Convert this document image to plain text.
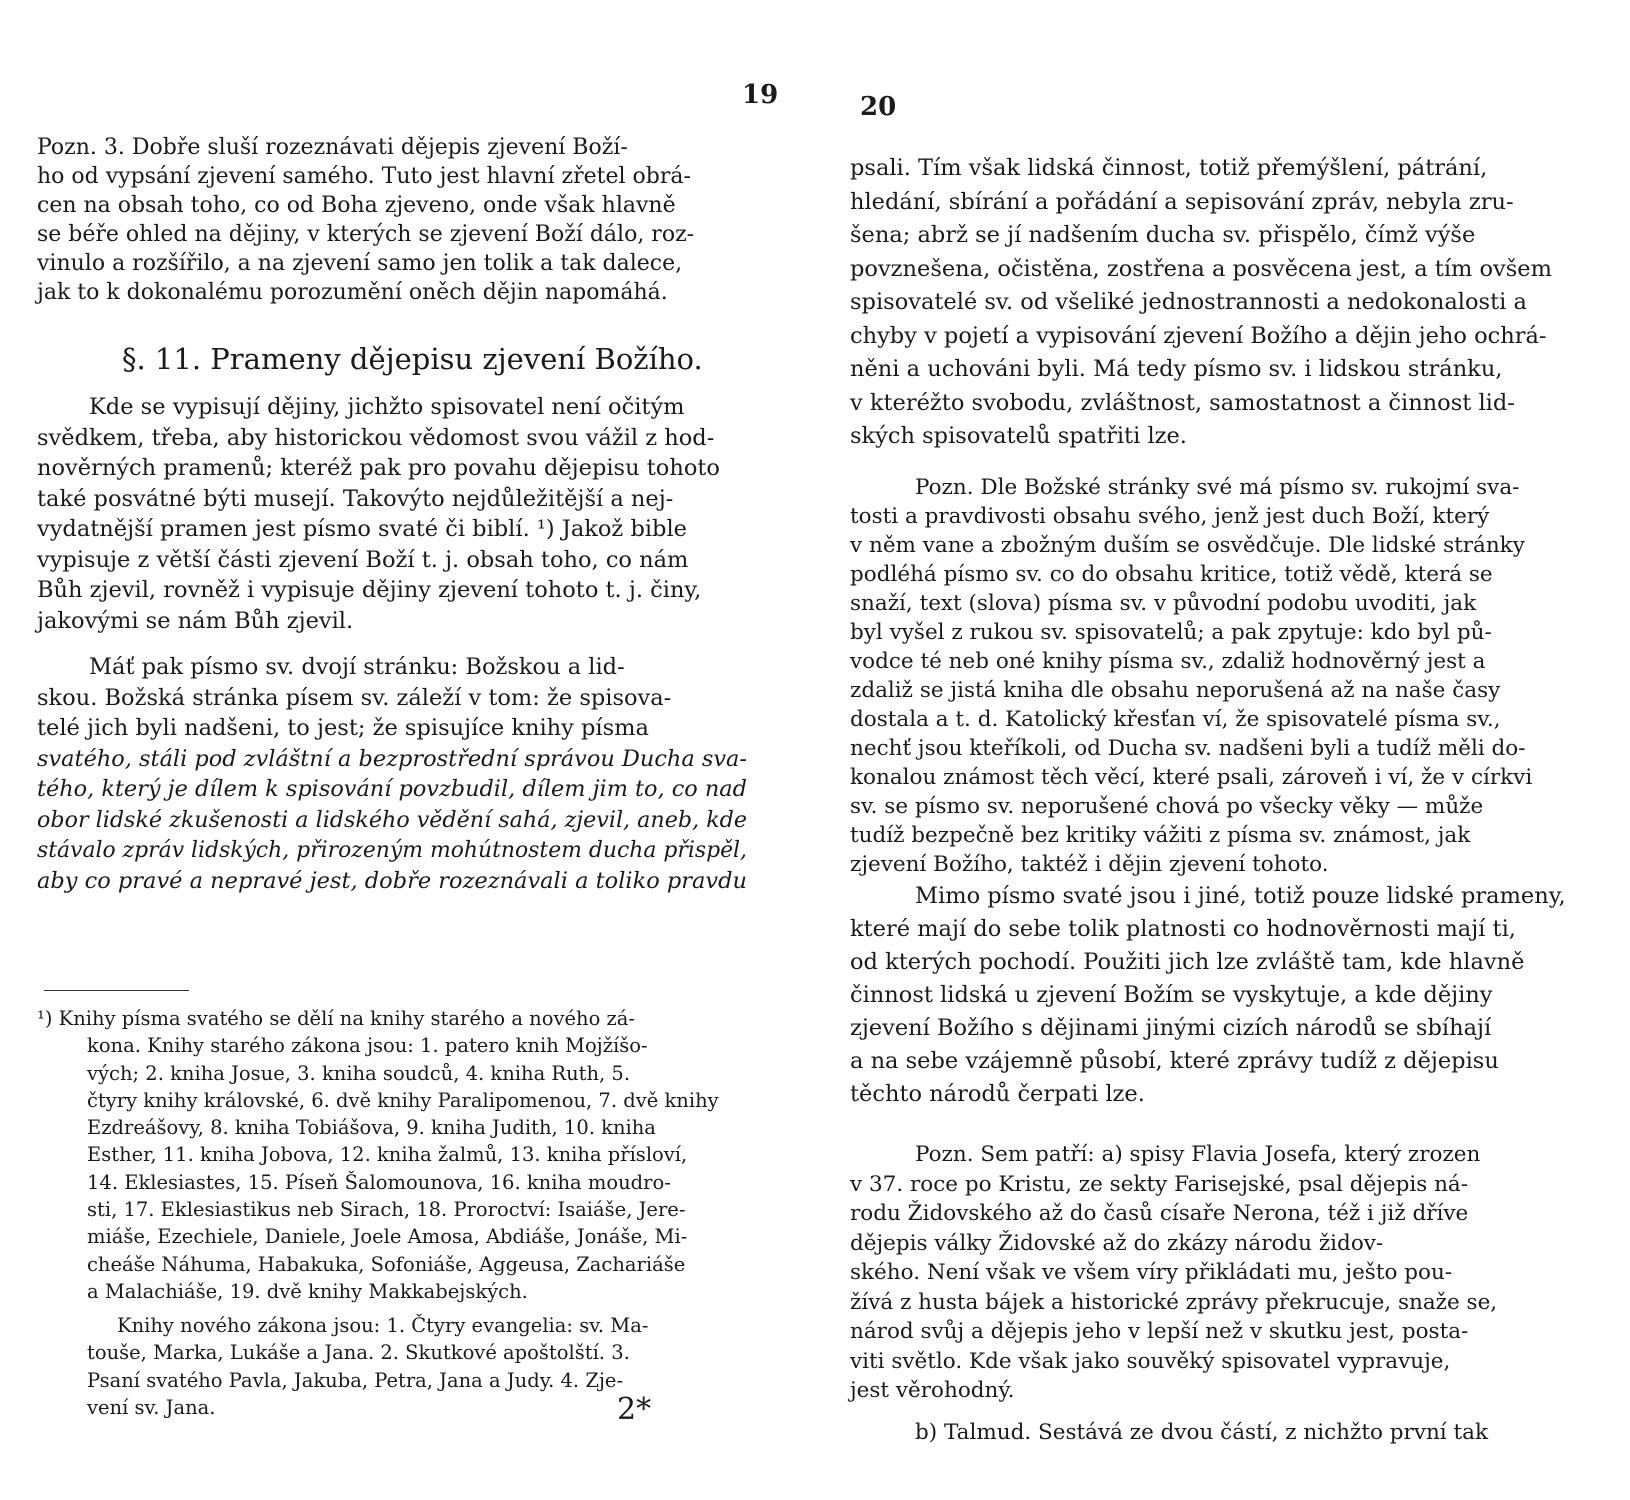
19
Pozn. 3. Dobře sluší rozeznávati dějepis zjevení Boží-
ho od vypsání zjevení samého. Tuto jest hlavní zřetel obrá-
cen na obsah toho, co od Boha zjeveno, onde však hlavně
se béře ohled na dějiny, v kterých se zjevení Boží dálo, roz-
vinulo a rozšířilo, a na zjevení samo jen tolik a tak dalece,
jak to k dokonalému porozumění oněch dějin napomáhá.
§. 11. Prameny dějepisu zjevení Božího.
Kde se vypisují dějiny, jichžto spisovatel není očitým
svědkem, třeba, aby historickou vědomost svou vážil z hod-
nověrných pramenů; kteréž pak pro povahu dějepisu tohoto
také posvátné býti musejí. Takovýto nejdůležitější a nej-
vydatnější pramen jest písmo svaté či biblí. ¹) Jakož bible
vypisuje z větší části zjevení Boží t. j. obsah toho, co nám
Bůh zjevil, rovněž i vypisuje dějiny zjevení tohoto t. j. činy,
jakovými se nám Bůh zjevil.
Máť pak písmo sv. dvojí stránku: Božskou a lid-
skou. Božská stránka písem sv. záleží v tom: že spisova-
telé jich byli nadšeni, to jest; že spisujíce knihy písma
svatého, stáli pod zvláštní a bezprostřední správou Ducha sva-
tého, který je dílem k spisování povzbudil, dílem jim to, co nad
obor lidské zkušenosti a lidského vědění sahá, zjevil, aneb, kde
stávalo zpráv lidských, přirozeným mohútnostem ducha přispěl,
aby co pravé a nepravé jest, dobře rozeznávali a toliko pravdu
¹) Knihy písma svatého se dělí na knihy starého a nového zá-
kona. Knihy starého zákona jsou: 1. patero knih Mojžíšo-
vých; 2. kniha Josue, 3. kniha soudců, 4. kniha Ruth, 5.
čtyry knihy královské, 6. dvě knihy Paralipomenou, 7. dvě knihy
Ezdreášovy, 8. kniha Tobiášova, 9. kniha Judith, 10. kniha
Esther, 11. kniha Jobova, 12. kniha žalmů, 13. kniha přísloví,
14. Eklesiastes, 15. Píseň Šalomounova, 16. kniha moudro-
sti, 17. Eklesiastikus neb Sirach, 18. Proroctví: Isaiáše, Jere-
miáše, Ezechiele, Daniele, Joele Amosa, Abdiáše, Jonáše, Mi-
cheáše Náhuma, Habakuka, Sofoniáše, Aggeusa, Zachariáše
a Malachiáše, 19. dvě knihy Makkabejských.
Knihy nového zákona jsou: 1. Čtyry evangelia: sv. Ma-
touše, Marka, Lukáše a Jana. 2. Skutkové apoštolští. 3.
Psaní svatého Pavla, Jakuba, Petra, Jana a Judy. 4. Zje-
vení sv. Jana.	2*
20
psali. Tím však lidská činnost, totiž přemýšlení, pátrání,
hledání, sbírání a pořádání a sepisování zpráv, nebyla zru-
šena; abrž se jí nadšením ducha sv. přispělo, čímž výše
povznešena, očistěna, zostřena a posvěcena jest, a tím ovšem
spisovatelé sv. od všeliké jednostrannosti a nedokonalosti a
chyby v pojetí a vypisování zjevení Božího a dějin jeho ochrá-
něni a uchováni byli. Má tedy písmo sv. i lidskou stránku,
v kteréžto svobodu, zvláštnost, samostatnost a činnost lid-
ských spisovatelů spatřiti lze.
Pozn. Dle Božské stránky své má písmo sv. rukojmí sva-
tosti a pravdivosti obsahu svého, jenž jest duch Boží, který
v něm vane a zbožným duším se osvědčuje. Dle lidské stránky
podléhá písmo sv. co do obsahu kritice, totiž vědě, která se
snaží, text (slova) písma sv. v původní podobu uvoditi, jak
byl vyšel z rukou sv. spisovatelů; a pak zpytuje: kdo byl pů-
vodce té neb oné knihy písma sv., zdaliž hodnověrný jest a
zdaliž se jistá kniha dle obsahu neporušená až na naše časy
dostala a t. d. Katolický křesťan ví, že spisovatelé písma sv.,
nechť jsou kteříkoli, od Ducha sv. nadšeni byli a tudíž měli do-
konalou známost těch věcí, které psali, zároveň i ví, že v církvi
sv. se písmo sv. neporušené chová po všecky věky — může
tudíž bezpečně bez kritiky vážiti z písma sv. známost, jak
zjevení Božího, taktéž i dějin zjevení tohoto.
Mimo písmo svaté jsou i jiné, totiž pouze lidské prameny,
které mají do sebe tolik platnosti co hodnověrnosti mají ti,
od kterých pochodí. Použiti jich lze zvláště tam, kde hlavně
činnost lidská u zjevení Božím se vyskytuje, a kde dějiny
zjevení Božího s dějinami jinými cizích národů se sbíhají
a na sebe vzájemně působí, které zprávy tudíž z dějepisu
těchto národů čerpati lze.
Pozn. Sem patří: a) spisy Flavia Josefa, který zrozen
v 37. roce po Kristu, ze sekty Farisejské, psal dějepis ná-
rodu Židovského až do časů císaře Nerona, též i již dříve
dějepis války Židovské až do zkázy národu židov-
ského. Není však ve všem víry přikládati mu, ješto pou-
žívá z husta bájek a historické zprávy překrucuje, snaže se,
národ svůj a dějepis jeho v lepší než v skutku jest, posta-
viti světlo. Kde však jako souvěký spisovatel vypravuje,
jest věrohodný.
b) Talmud. Sestává ze dvou částí, z nichžto první tak
